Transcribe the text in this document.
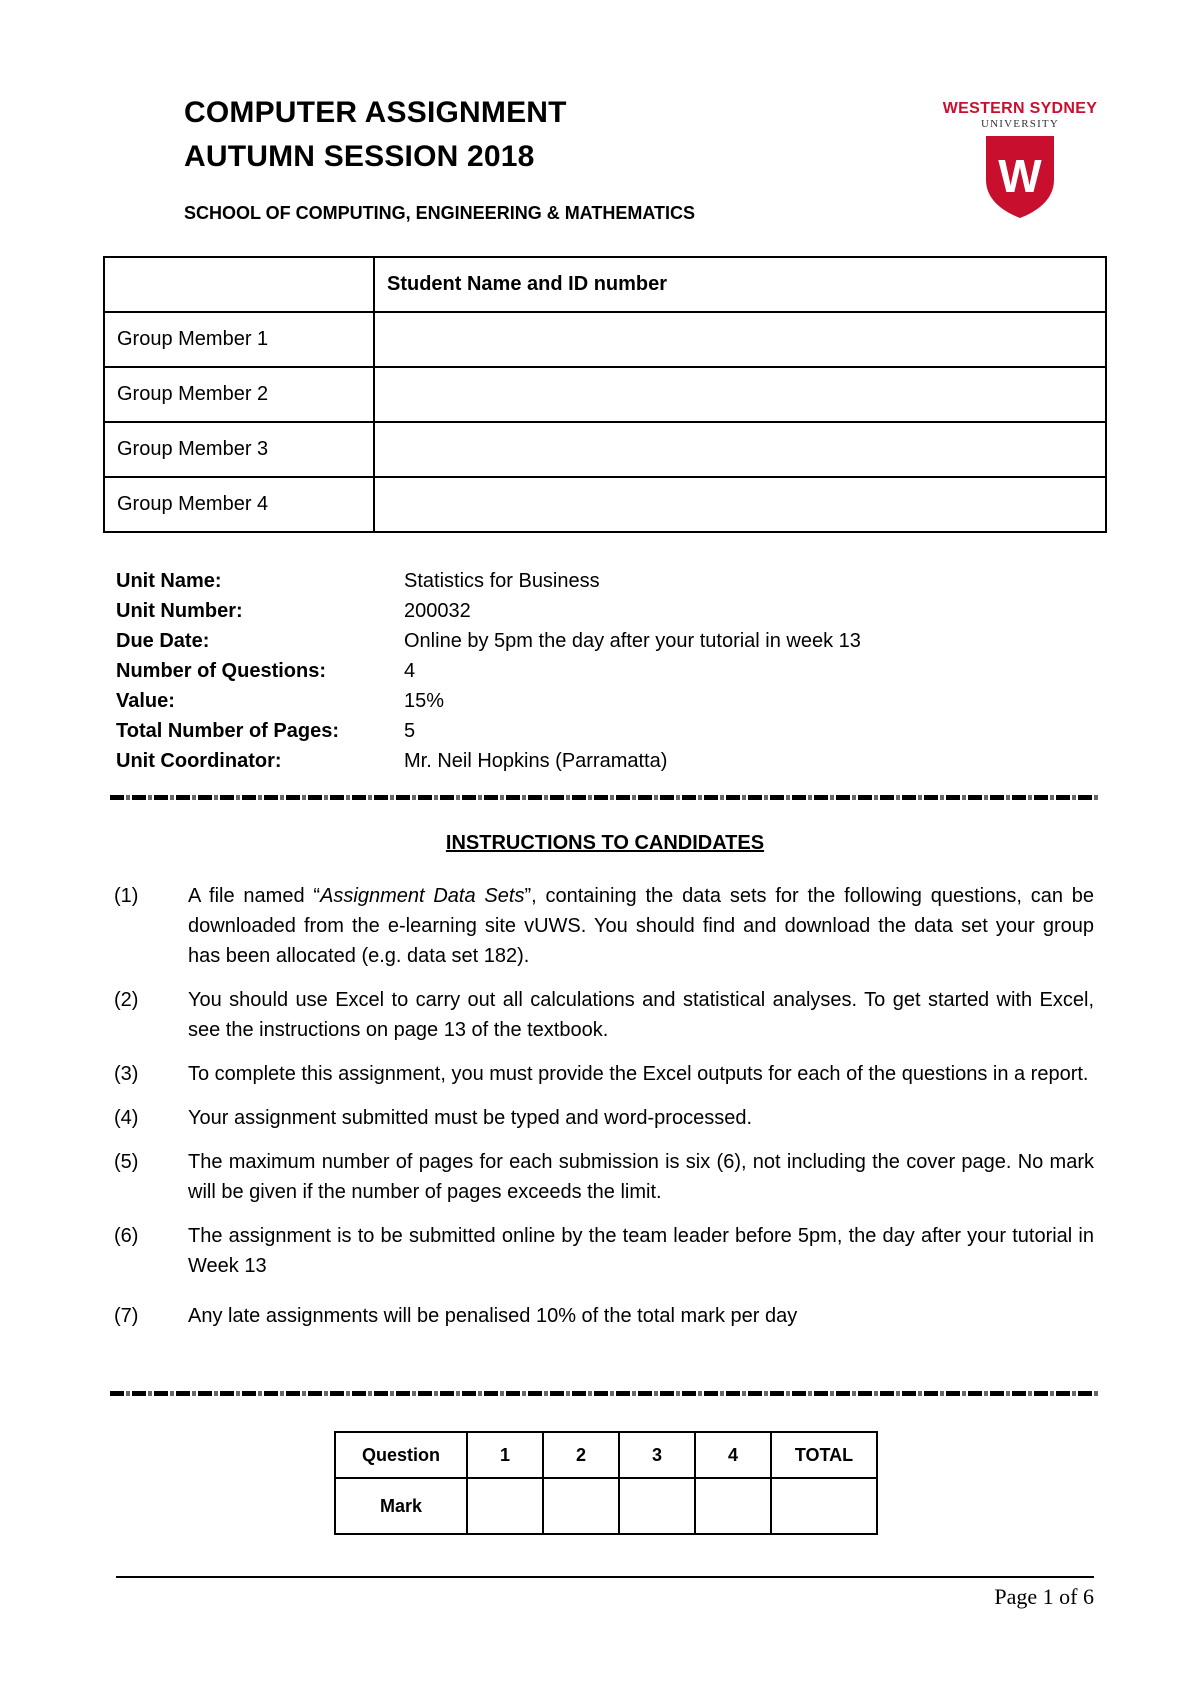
COMPUTER ASSIGNMENT
AUTUMN SESSION 2018
SCHOOL OF COMPUTING, ENGINEERING & MATHEMATICS
WESTERN SYDNEY
UNIVERSITY
W
	Student Name and ID number
Group Member 1	
Group Member 2	
Group Member 3	
Group Member 4	
Unit Name:	Statistics for Business
Unit Number:	200032
Due Date:	Online by 5pm the day after your tutorial in week 13
Number of Questions:	4
Value:	15%
Total Number of Pages:	5
Unit Coordinator:	Mr. Neil Hopkins (Parramatta)
INSTRUCTIONS TO CANDIDATES
(1)	A file named “Assignment Data Sets”, containing the data sets for the following questions, can be downloaded from the e-learning site vUWS. You should find and download the data set your group has been allocated (e.g. data set 182).
(2)	You should use Excel to carry out all calculations and statistical analyses. To get started with Excel, see the instructions on page 13 of the textbook.
(3)	To complete this assignment, you must provide the Excel outputs for each of the questions in a report.
(4)	Your assignment submitted must be typed and word-processed.
(5)	The maximum number of pages for each submission is six (6), not including the cover page. No mark will be given if the number of pages exceeds the limit.
(6)	The assignment is to be submitted online by the team leader before 5pm, the day after your tutorial in Week 13
(7)	Any late assignments will be penalised 10% of the total mark per day
Question	1	2	3	4	TOTAL
Mark					
Page 1 of 6
